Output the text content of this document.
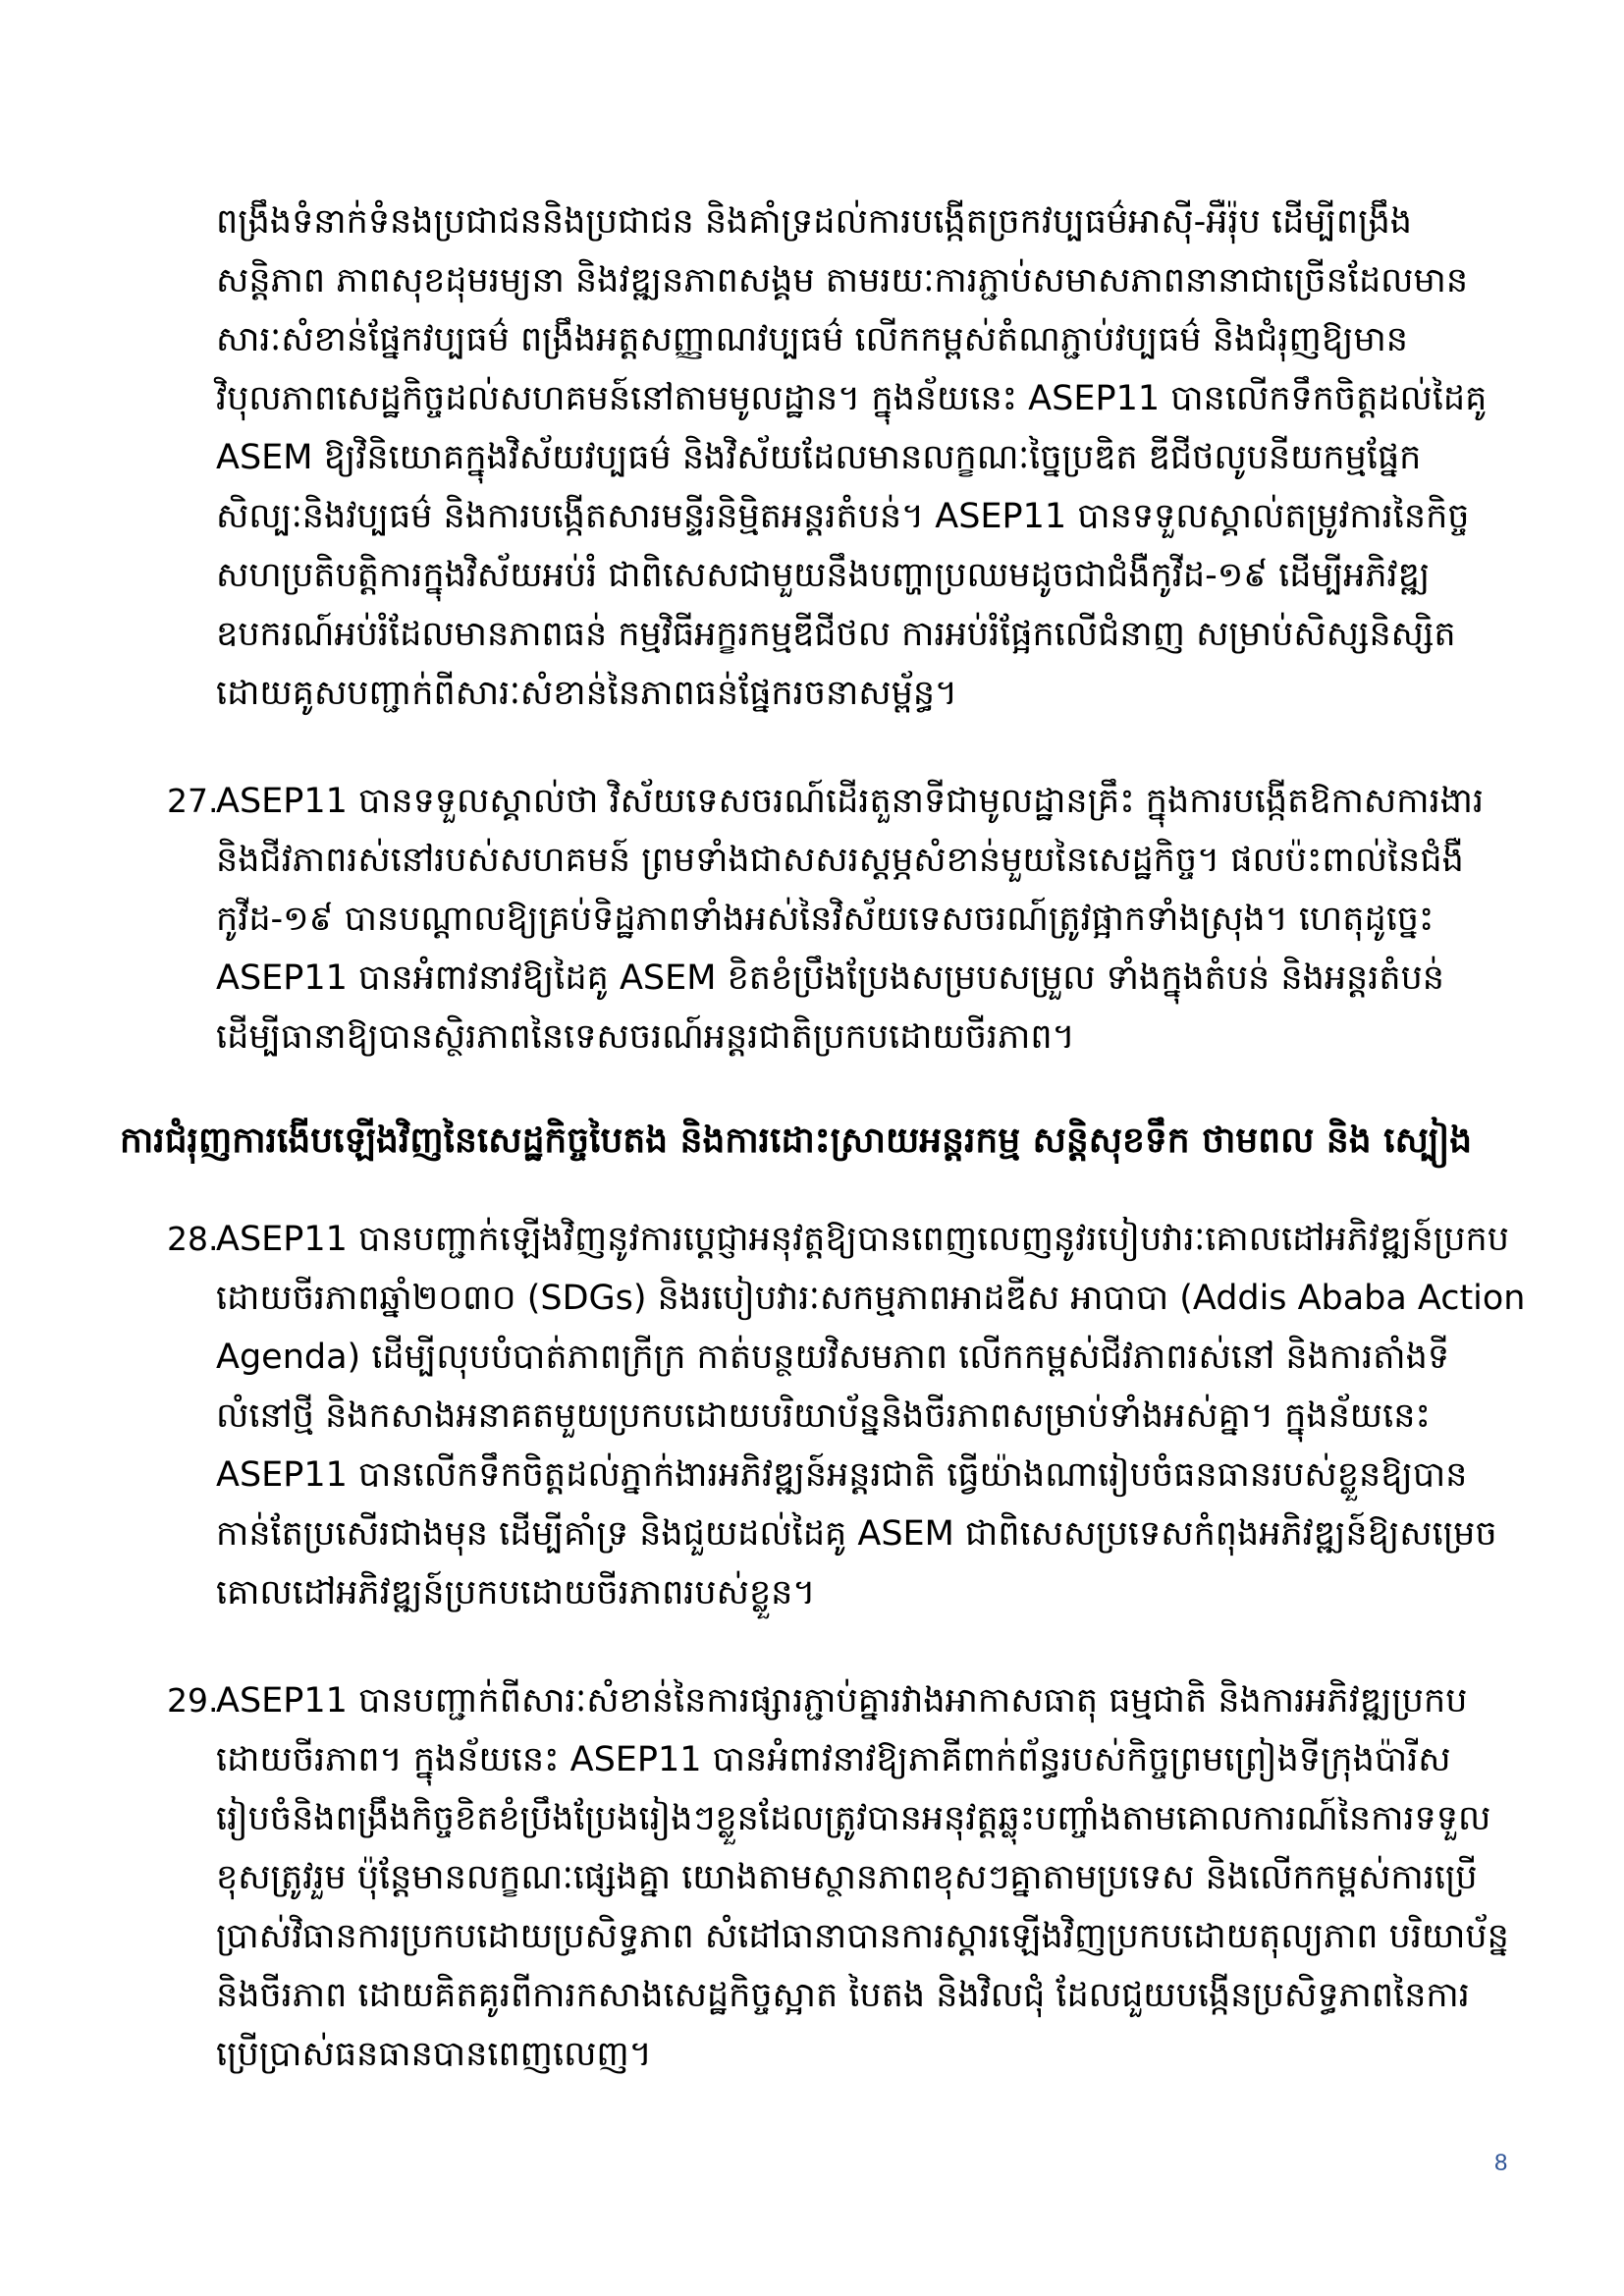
ពង្រឹងទំនាក់ទំនងប្រជាជននិងប្រជាជន និងគាំទ្រដល់ការបង្កើតច្រកវប្បធម៌អាស៊ី-អឺរ៉ុប ដើម្បីពង្រឹង
សន្តិភាព ភាពសុខដុមរម្យនា និងវឌ្ឍនភាពសង្គម តាមរយៈការភ្ជាប់សមាសភាពនានាជាច្រើនដែលមាន
សារៈសំខាន់ផ្នែកវប្បធម៌ ពង្រឹងអត្តសញ្ញាណវប្បធម៌ លើកកម្ពស់តំណភ្ជាប់វប្បធម៌ និងជំរុញឱ្យមាន
វិបុលភាពសេដ្ឋកិច្ចដល់សហគមន៍នៅតាមមូលដ្ឋាន។ ក្នុងន័យនេះ ASEP11 បានលើកទឹកចិត្តដល់ដៃគូ
ASEM ឱ្យវិនិយោគក្នុងវិស័យវប្បធម៌ និងវិស័យដែលមានលក្ខណៈច្នៃប្រឌិត ឌីជីថលូបនីយកម្មផ្នែក
សិល្បៈនិងវប្បធម៌ និងការបង្កើតសារមន្ទីរនិម្មិតអន្តរតំបន់។ ASEP11 បានទទួលស្គាល់តម្រូវការនៃកិច្ច
សហប្រតិបត្តិការក្នុងវិស័យអប់រំ ជាពិសេសជាមួយនឹងបញ្ហាប្រឈមដូចជាជំងឺកូវីដ-១៩ ដើម្បីអភិវឌ្ឍ
ឧបករណ៍អប់រំដែលមានភាពធន់ កម្មវិធីអក្ខរកម្មឌីជីថល ការអប់រំផ្អែកលើជំនាញ សម្រាប់សិស្សនិស្សិត
ដោយគូសបញ្ជាក់ពីសារៈសំខាន់នៃភាពធន់ផ្នែករចនាសម្ព័ន្ធ។
27.
ASEP11 បានទទួលស្គាល់ថា វិស័យទេសចរណ៍ដើរតួនាទីជាមូលដ្ឋានគ្រឹះ ក្នុងការបង្កើតឱកាសការងារ
និងជីវភាពរស់នៅរបស់សហគមន៍ ព្រមទាំងជាសសរស្តម្ភសំខាន់មួយនៃសេដ្ឋកិច្ច។ ផលប៉ះពាល់នៃជំងឺ
កូវីដ-១៩ បានបណ្តាលឱ្យគ្រប់ទិដ្ឋភាពទាំងអស់នៃវិស័យទេសចរណ៍ត្រូវផ្អាកទាំងស្រុង។ ហេតុដូច្នេះ
ASEP11 បានអំពាវនាវឱ្យដៃគូ ASEM ខិតខំប្រឹងប្រែងសម្របសម្រួល ទាំងក្នុងតំបន់ និងអន្តរតំបន់
ដើម្បីធានាឱ្យបានស្ថិរភាពនៃទេសចរណ៍អន្តរជាតិប្រកបដោយចីរភាព។
ការជំរុញការងើបឡើងវិញនៃសេដ្ឋកិច្ចបៃតង និងការដោះស្រាយអន្តរកម្ម សន្តិសុខទឹក ថាមពល និង ស្បៀង
28.
ASEP11 បានបញ្ជាក់ឡើងវិញនូវការប្តេជ្ញាអនុវត្តឱ្យបានពេញលេញនូវរបៀបវារៈគោលដៅអភិវឌ្ឍន៍ប្រកប
ដោយចីរភាពឆ្នាំ២០៣០ (SDGs) និងរបៀបវារៈសកម្មភាពអាដឌីស អាបាបា (Addis Ababa Action
Agenda) ដើម្បីលុបបំបាត់ភាពក្រីក្រ កាត់បន្ថយវិសមភាព លើកកម្ពស់ជីវភាពរស់នៅ និងការតាំងទី
លំនៅថ្មី និងកសាងអនាគតមួយប្រកបដោយបរិយាប័ន្ននិងចីរភាពសម្រាប់ទាំងអស់គ្នា។ ក្នុងន័យនេះ
ASEP11 បានលើកទឹកចិត្តដល់ភ្នាក់ងារអភិវឌ្ឍន៍អន្តរជាតិ ធ្វើយ៉ាងណារៀបចំធនធានរបស់ខ្លួនឱ្យបាន
កាន់តែប្រសើរជាងមុន ដើម្បីគាំទ្រ និងជួយដល់ដៃគូ ASEM ជាពិសេសប្រទេសកំពុងអភិវឌ្ឍន៍ឱ្យសម្រេច
គោលដៅអភិវឌ្ឍន៍ប្រកបដោយចីរភាពរបស់ខ្លួន។
29.
ASEP11 បានបញ្ជាក់ពីសារៈសំខាន់នៃការផ្សារភ្ជាប់គ្នារវាងអាកាសធាតុ ធម្មជាតិ និងការអភិវឌ្ឍប្រកប
ដោយចីរភាព។ ក្នុងន័យនេះ ASEP11 បានអំពាវនាវឱ្យភាគីពាក់ព័ន្ធរបស់កិច្ចព្រមព្រៀងទីក្រុងប៉ារីស
រៀបចំនិងពង្រឹងកិច្ចខិតខំប្រឹងប្រែងរៀងៗខ្លួនដែលត្រូវបានអនុវត្តឆ្លុះបញ្ចាំងតាមគោលការណ៍នៃការទទួល
ខុសត្រូវរួម ប៉ុន្តែមានលក្ខណៈផ្សេងគ្នា យោងតាមស្ថានភាពខុសៗគ្នាតាមប្រទេស និងលើកកម្ពស់ការប្រើ
ប្រាស់វិធានការប្រកបដោយប្រសិទ្ធភាព សំដៅធានាបានការស្តារឡើងវិញប្រកបដោយតុល្យភាព បរិយាប័ន្ន
និងចីរភាព ដោយគិតគូរពីការកសាងសេដ្ឋកិច្ចស្អាត បៃតង និងវិលជុំ ដែលជួយបង្កើនប្រសិទ្ធភាពនៃការ
ប្រើប្រាស់ធនធានបានពេញលេញ។
8
